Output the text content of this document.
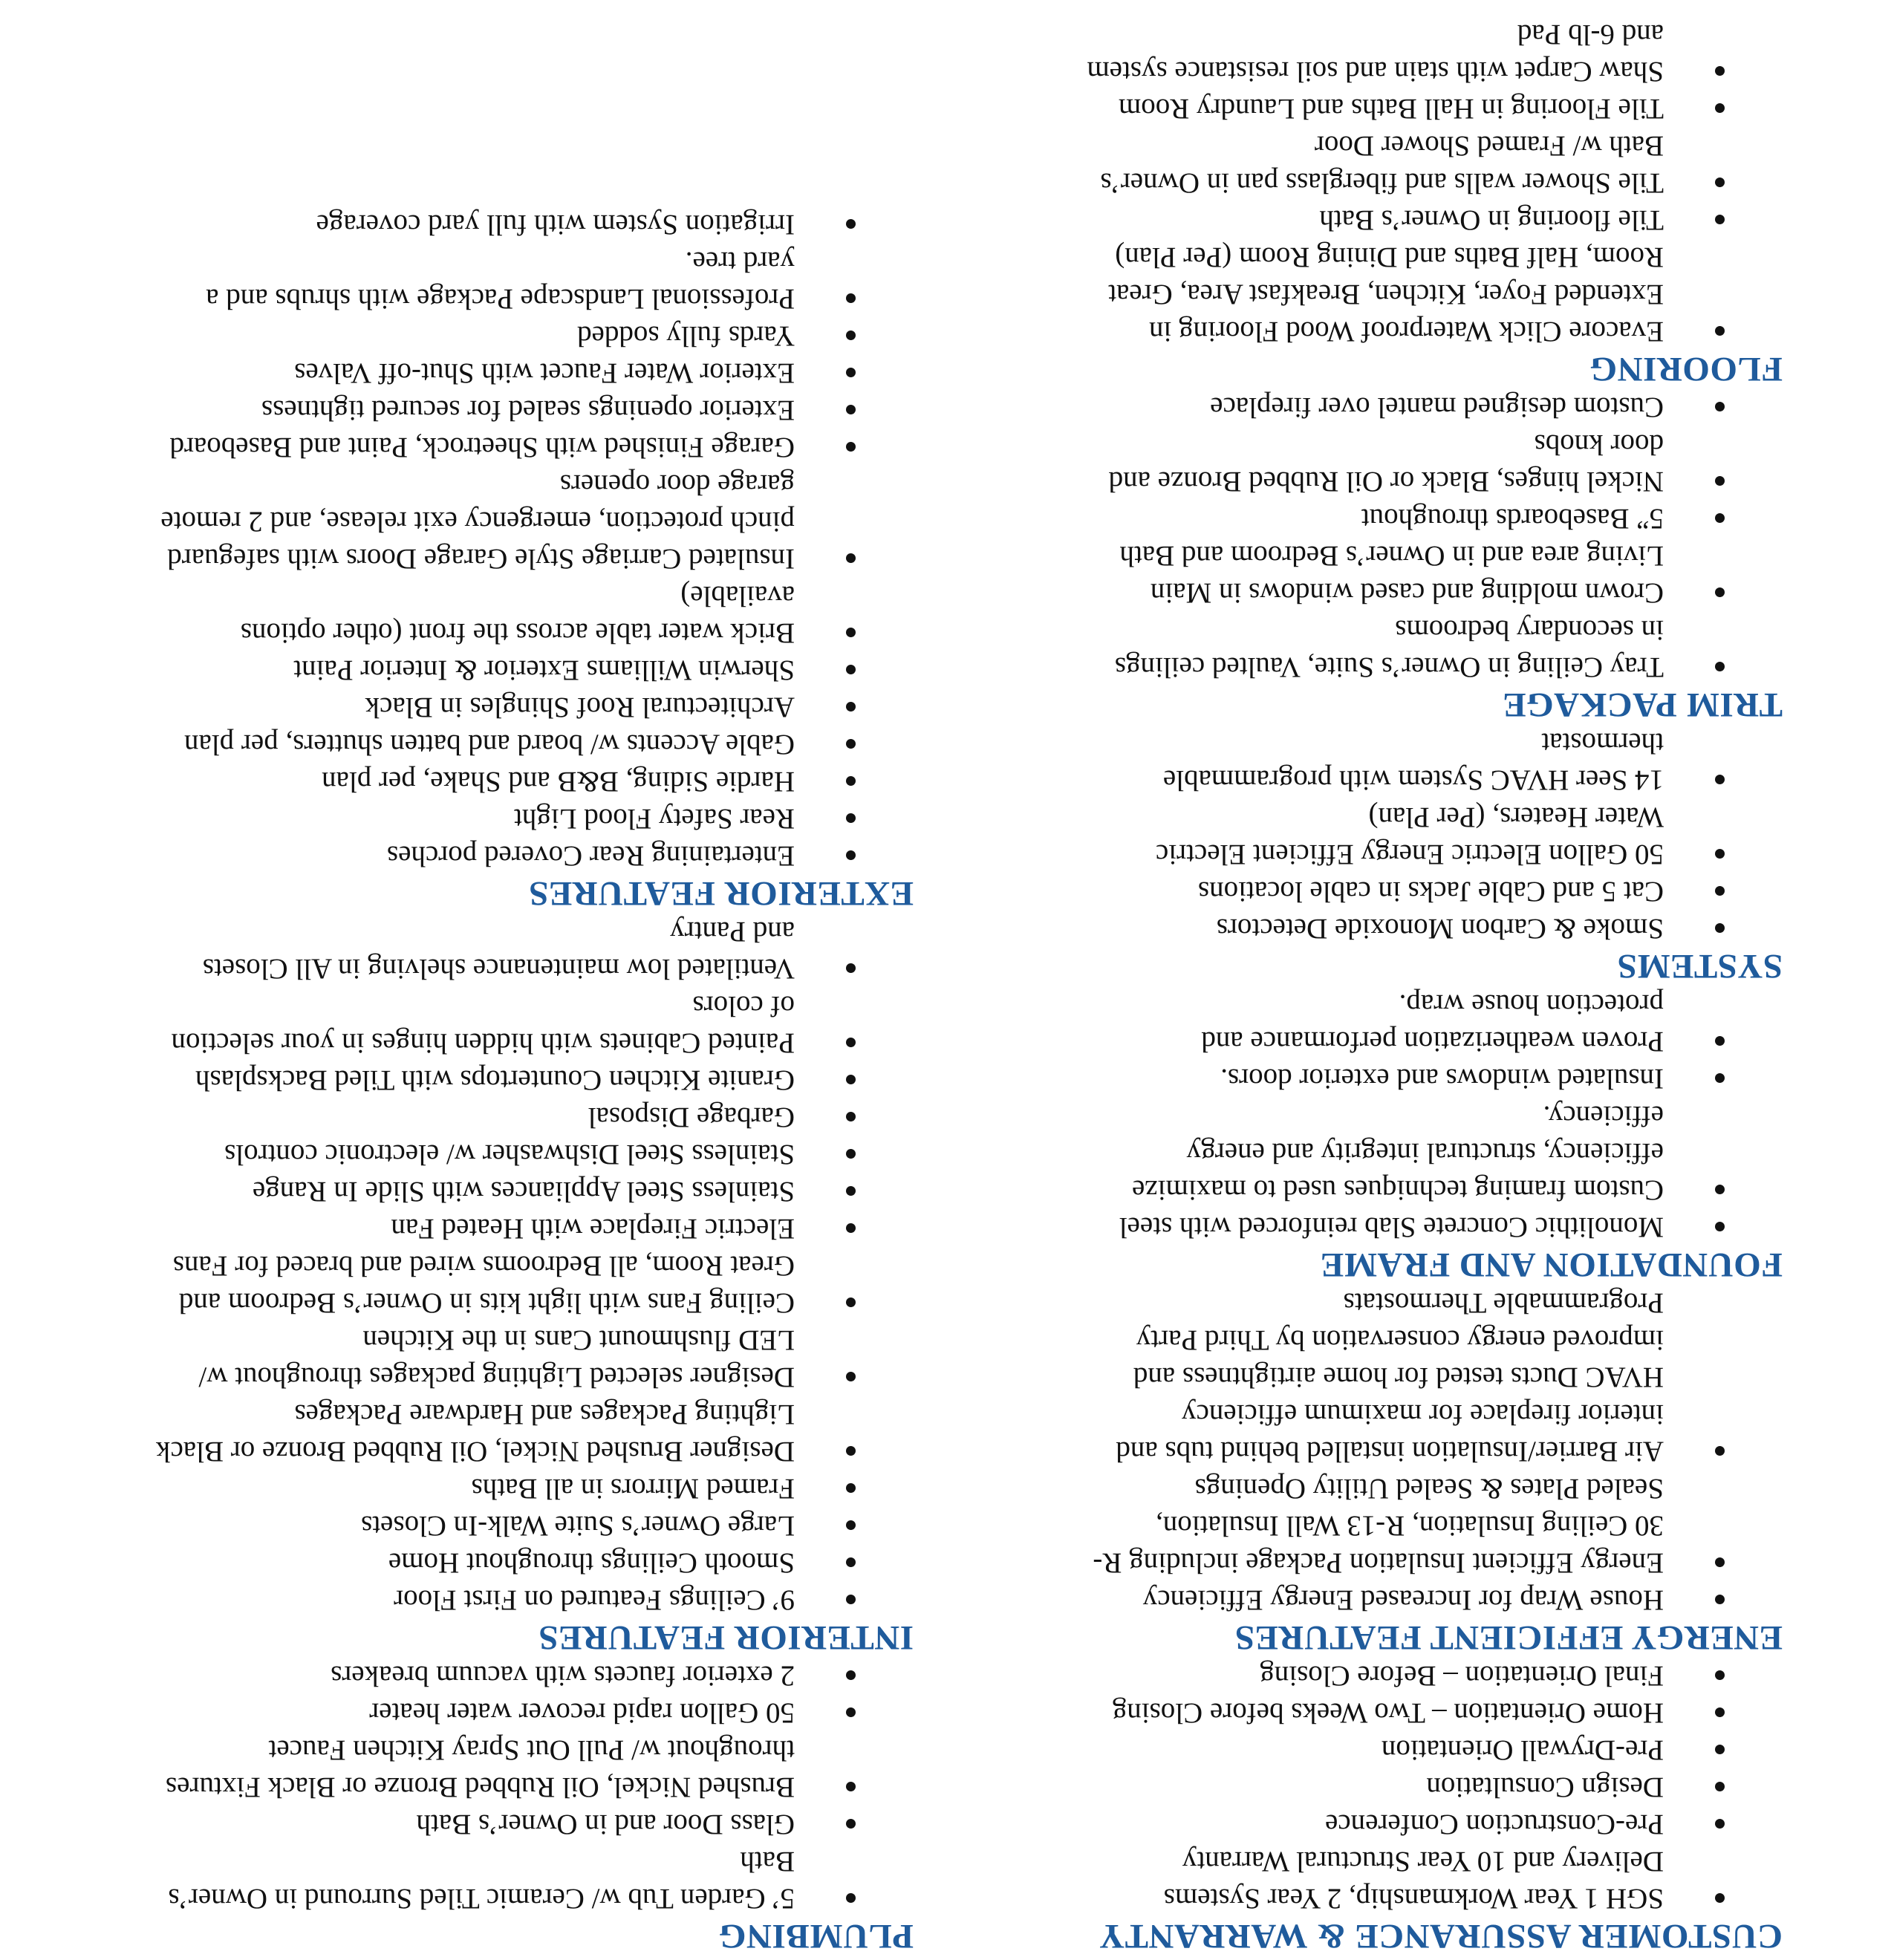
CUSTOMER ASSURANCE & WARRANTY
SGH 1 Year Workmanship, 2 Year Systems
Delivery and 10 Year Structural Warranty
Pre-Construction Conference
Design Consultation
Pre-Drywall Orientation
Home Orientation – Two Weeks before Closing
Final Orientation – Before Closing
ENERGY EFFICIENT FEATURES
House Wrap for Increased Energy Efficiency
Energy Efficient Insulation Package including R-
30 Ceiling Insulation, R-13 Wall Insulation,
Sealed Plates & Sealed Utility Openings
Air Barrier/Insulation installed behind tubs and
interior fireplace for maximum efficiency
HVAC Ducts tested for home airtightness and
improved energy conservation by Third Party
Programmable Thermostats
FOUNDATION AND FRAME
Monolithic Concrete Slab reinforced with steel
Custom framing techniques used to maximize
efficiency, structural integrity and energy
efficiency.
Insulated windows and exterior doors.
Proven weatherization performance and
protection house wrap.
SYSTEMS
Smoke & Carbon Monoxide Detectors
Cat 5 and Cable Jacks in cable locations
50 Gallon Electric Energy Efficient Electric
Water Heaters, (Per Plan)
14 Seer HVAC System with programmable
thermostat
TRIM PACKAGE
Tray Ceiling in Owner’s Suite, Vaulted ceilings
in secondary bedrooms
Crown molding and cased windows in Main
Living area and in Owner’s Bedroom and Bath
5” Baseboards throughout
Nickel hinges, Black or Oil Rubbed Bronze and
door knobs
Custom designed mantel over fireplace
FLOORING
Evacore Click Waterproof Wood Flooring in
Extended Foyer, Kitchen, Breakfast Area, Great
Room, Half Baths and Dining Room (Per Plan)
Tile flooring in Owner’s Bath
Tile Shower walls and fiberglass pan in Owner’s
Bath w/ Framed Shower Door
Tile Flooring in Hall Baths and Laundry Room
Shaw Carpet with stain and soil resistance system
and 6-lb Pad
PLUMBING
5’ Garden Tub w/ Ceramic Tiled Surround in Owner’s
Bath
Glass Door and in Owner’s Bath
Brushed Nickel, Oil Rubbed Bronze or Black Fixtures
throughout w/ Pull Out Spray Kitchen Faucet
50 Gallon rapid recover water heater
2 exterior faucets with vacuum breakers
INTERIOR FEATURES
9’ Ceilings Featured on First Floor
Smooth Ceilings throughout Home
Large Owner’s Suite Walk-In Closets
Framed Mirrors in all Baths
Designer Brushed Nickel, Oil Rubbed Bronze or Black
Lighting Packages and Hardware Packages
Designer selected Lighting packages throughout w/
LED flushmount Cans in the Kitchen
Ceiling Fans with light kits in Owner’s Bedroom and
Great Room, all Bedrooms wired and braced for Fans
Electric Fireplace with Heated Fan
Stainless Steel Appliances with Slide In Range
Stainless Steel Dishwasher w/ electronic controls
Garbage Disposal
Granite Kitchen Countertops with Tiled Backsplash
Painted Cabinets with hidden hinges in your selection
of colors
Ventilated low maintenance shelving in All Closets
and Pantry
EXTERIOR FEATURES
Entertaining Rear Covered porches
Rear Safety Flood Light
Hardie Siding, B&B and Shake, per plan
Gable Accents w/ board and batten shutters, per plan
Architectural Roof Shingles in Black
Sherwin Williams Exterior & Interior Paint
Brick water table across the front (other options
available)
Insulated Carriage Style Garage Doors with safeguard
pinch protection, emergency exit release, and 2 remote
garage door openers
Garage Finished with Sheetrock, Paint and Baseboard
Exterior openings sealed for secured tightness
Exterior Water Faucet with Shut-off Valves
Yards fully sodded
Professional Landscape Package with shrubs and a
yard tree.
Irrigation System with full yard coverage
